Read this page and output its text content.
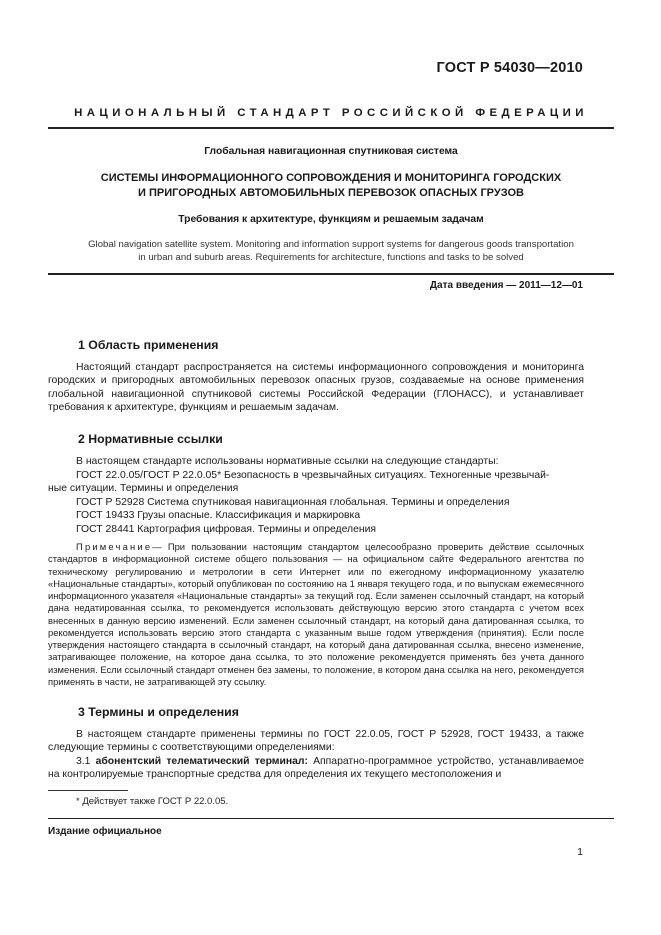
ГОСТ Р 54030—2010
НАЦИОНАЛЬНЫЙ СТАНДАРТ РОССИЙСКОЙ ФЕДЕРАЦИИ
Глобальная навигационная спутниковая система
СИСТЕМЫ ИНФОРМАЦИОННОГО СОПРОВОЖДЕНИЯ И МОНИТОРИНГА ГОРОДСКИХ
И ПРИГОРОДНЫХ АВТОМОБИЛЬНЫХ ПЕРЕВОЗОК ОПАСНЫХ ГРУЗОВ
Требования к архитектуре, функциям и решаемым задачам
Global navigation satellite system. Monitoring and information support systems for dangerous goods transportation
in urban and suburb areas. Requirements for architecture, functions and tasks to be solved
Дата введения — 2011—12—01
1 Область применения
Настоящий стандарт распространяется на системы информационного сопровождения и мониторинга городских и пригородных автомобильных перевозок опасных грузов, создаваемые на основе применения глобальной навигационной спутниковой системы Российской Федерации (ГЛОНАСС), и устанавливает требования к архитектуре, функциям и решаемым задачам.
2 Нормативные ссылки
В настоящем стандарте использованы нормативные ссылки на следующие стандарты:
ГОСТ 22.0.05/ГОСТ Р 22.0.05* Безопасность в чрезвычайных ситуациях. Техногенные чрезвычай-
ные ситуации. Термины и определения
ГОСТ Р 52928 Система спутниковая навигационная глобальная. Термины и определения
ГОСТ 19433 Грузы опасные. Классификация и маркировка
ГОСТ 28441 Картография цифровая. Термины и определения
Примечание— При пользовании настоящим стандартом целесообразно проверить действие ссылочных стандартов в информационной системе общего пользования — на официальном сайте Федерального агентства по техническому регулированию и метрологии в сети Интернет или по ежегодному информационному указателю «Национальные стандарты», который опубликован по состоянию на 1 января текущего года, и по выпускам ежемесячного информационного указателя «Национальные стандарты» за текущий год. Если заменен ссылочный стандарт, на который дана недатированная ссылка, то рекомендуется использовать действующую версию этого стандарта с учетом всех внесенных в данную версию изменений. Если заменен ссылочный стандарт, на который дана датированная ссылка, то рекомендуется использовать версию этого стандарта с указанным выше годом утверждения (принятия). Если после утверждения настоящего стандарта в ссылочный стандарт, на который дана датированная ссылка, внесено изменение, затрагивающее положение, на которое дана ссылка, то это положение рекомендуется применять без учета данного изменения. Если ссылочный стандарт отменен без замены, то положение, в котором дана ссылка на него, рекомендуется применять в части, не затрагивающей эту ссылку.
3 Термины и определения
В настоящем стандарте применены термины по ГОСТ 22.0.05, ГОСТ Р 52928, ГОСТ 19433, а также следующие термины с соответствующими определениями:
3.1 абонентский телематический терминал: Аппаратно-программное устройство, устанавливаемое на контролируемые транспортные средства для определения их текущего местоположения и
* Действует также ГОСТ Р 22.0.05.
Издание официальное
1
